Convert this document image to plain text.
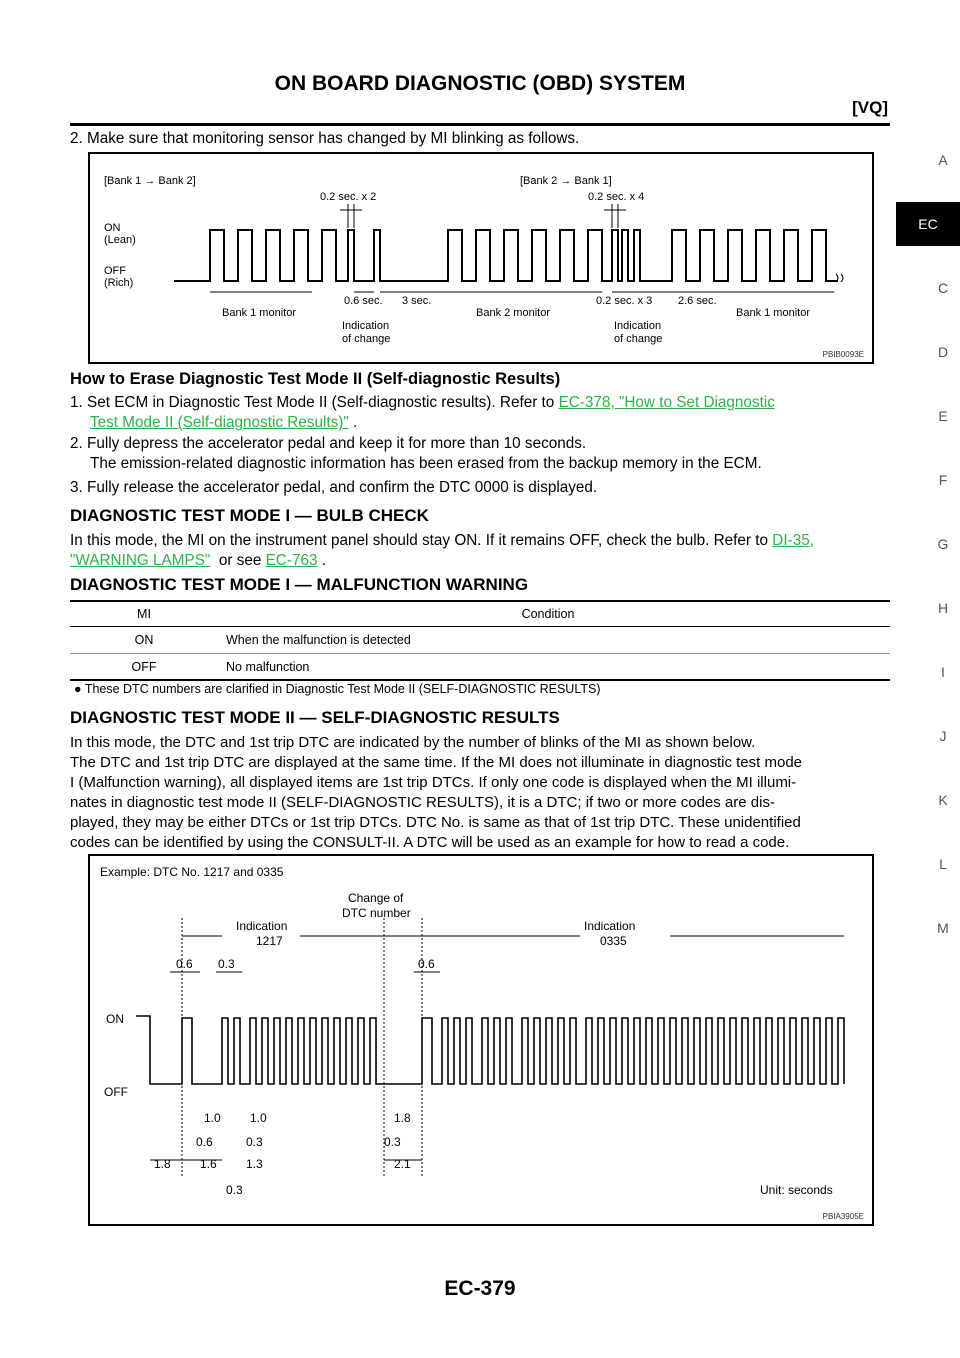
ON BOARD DIAGNOSTIC (OBD) SYSTEM
[VQ]
A
EC
C
D
E
F
G
H
I
J
K
L
M
2. Make sure that monitoring sensor has changed by MI blinking as follows.
[Bank 1 → Bank 2]	[Bank 2 → Bank 1]
0.2 sec. x 2	0.2 sec. x 4
ON
(Lean)
OFF
(Rich)
0.6 sec. 3 sec.	0.2 sec. x 3 2.6 sec.
Bank 1 monitor	Bank 2 monitor	Bank 1 monitor
Indication
of change
Indication
of change
PBIB0093E
How to Erase Diagnostic Test Mode II (Self-diagnostic Results)
1. Set ECM in Diagnostic Test Mode II (Self-diagnostic results). Refer to EC-378, "How to Set Diagnostic
Test Mode II (Self-diagnostic Results)" .
2. Fully depress the accelerator pedal and keep it for more than 10 seconds.
The emission-related diagnostic information has been erased from the backup memory in the ECM.
3. Fully release the accelerator pedal, and confirm the DTC 0000 is displayed.
DIAGNOSTIC TEST MODE I — BULB CHECK
In this mode, the MI on the instrument panel should stay ON. If it remains OFF, check the bulb. Refer to DI-35,
"WARNING LAMPS"  or see EC-763 .
DIAGNOSTIC TEST MODE I — MALFUNCTION WARNING
MI	Condition
ON	When the malfunction is detected
OFF	No malfunction
● These DTC numbers are clarified in Diagnostic Test Mode II (SELF-DIAGNOSTIC RESULTS)
DIAGNOSTIC TEST MODE II — SELF-DIAGNOSTIC RESULTS
In this mode, the DTC and 1st trip DTC are indicated by the number of blinks of the MI as shown below.
The DTC and 1st trip DTC are displayed at the same time. If the MI does not illuminate in diagnostic test mode
I (Malfunction warning), all displayed items are 1st trip DTCs. If only one code is displayed when the MI illumi-
nates in diagnostic test mode II (SELF-DIAGNOSTIC RESULTS), it is a DTC; if two or more codes are dis-
played, they may be either DTCs or 1st trip DTCs. DTC No. is same as that of 1st trip DTC. These unidentified
codes can be identified by using the CONSULT-II. A DTC will be used as an example for how to read a code.
Example: DTC No. 1217 and 0335
Change of
DTC number
Indication
1217
Indication
0335
0.6 0.3	0.6
ON
OFF
1.0 1.0	1.8
0.6	0.3	0.3
1.8 1.6 1.3	2.1
0.3	Unit: seconds
PBIA3905E
EC-379
